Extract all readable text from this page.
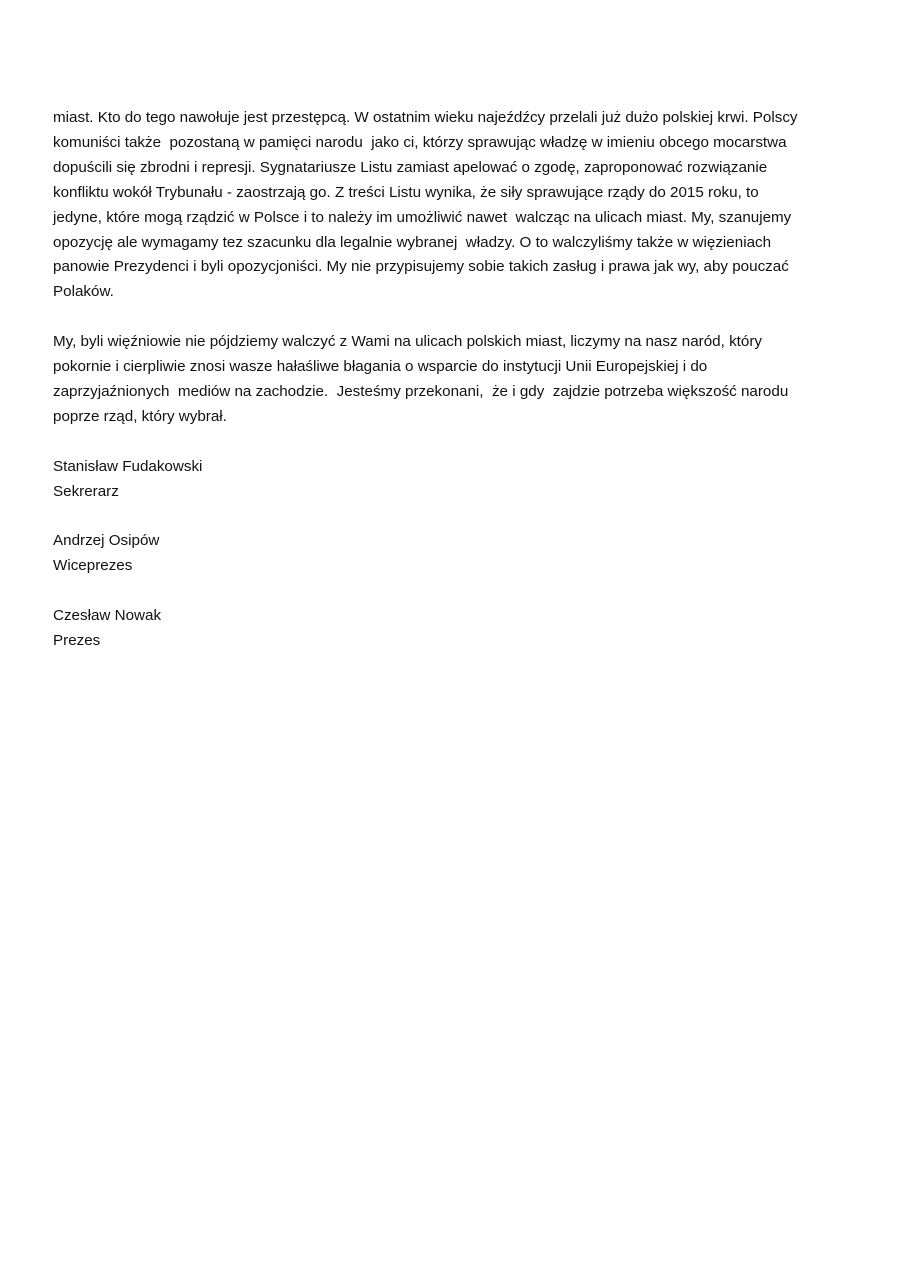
miast. Kto do tego nawołuje jest przestępcą. W ostatnim wieku najeźdźcy przelali już dużo polskiej krwi. Polscy
komuniści także  pozostaną w pamięci narodu  jako ci, którzy sprawując władzę w imieniu obcego mocarstwa
dopuścili się zbrodni i represji. Sygnatariusze Listu zamiast apelować o zgodę, zaproponować rozwiązanie
konfliktu wokół Trybunału - zaostrzają go. Z treści Listu wynika, że siły sprawujące rządy do 2015 roku, to
jedyne, które mogą rządzić w Polsce i to należy im umożliwić nawet  walcząc na ulicach miast. My, szanujemy
opozycję ale wymagamy tez szacunku dla legalnie wybranej  władzy. O to walczyliśmy także w więzieniach
panowie Prezydenci i byli opozycjoniści. My nie przypisujemy sobie takich zasług i prawa jak wy, aby pouczać
Polaków.
My, byli więźniowie nie pójdziemy walczyć z Wami na ulicach polskich miast, liczymy na nasz naród, który
pokornie i cierpliwie znosi wasze hałaśliwe błagania o wsparcie do instytucji Unii Europejskiej i do
zaprzyjaźnionych  mediów na zachodzie.  Jesteśmy przekonani,  że i gdy  zajdzie potrzeba większość narodu
poprze rząd, który wybrał.
Stanisław Fudakowski
Sekrerarz
Andrzej Osipów
Wiceprezes
Czesław Nowak
Prezes
